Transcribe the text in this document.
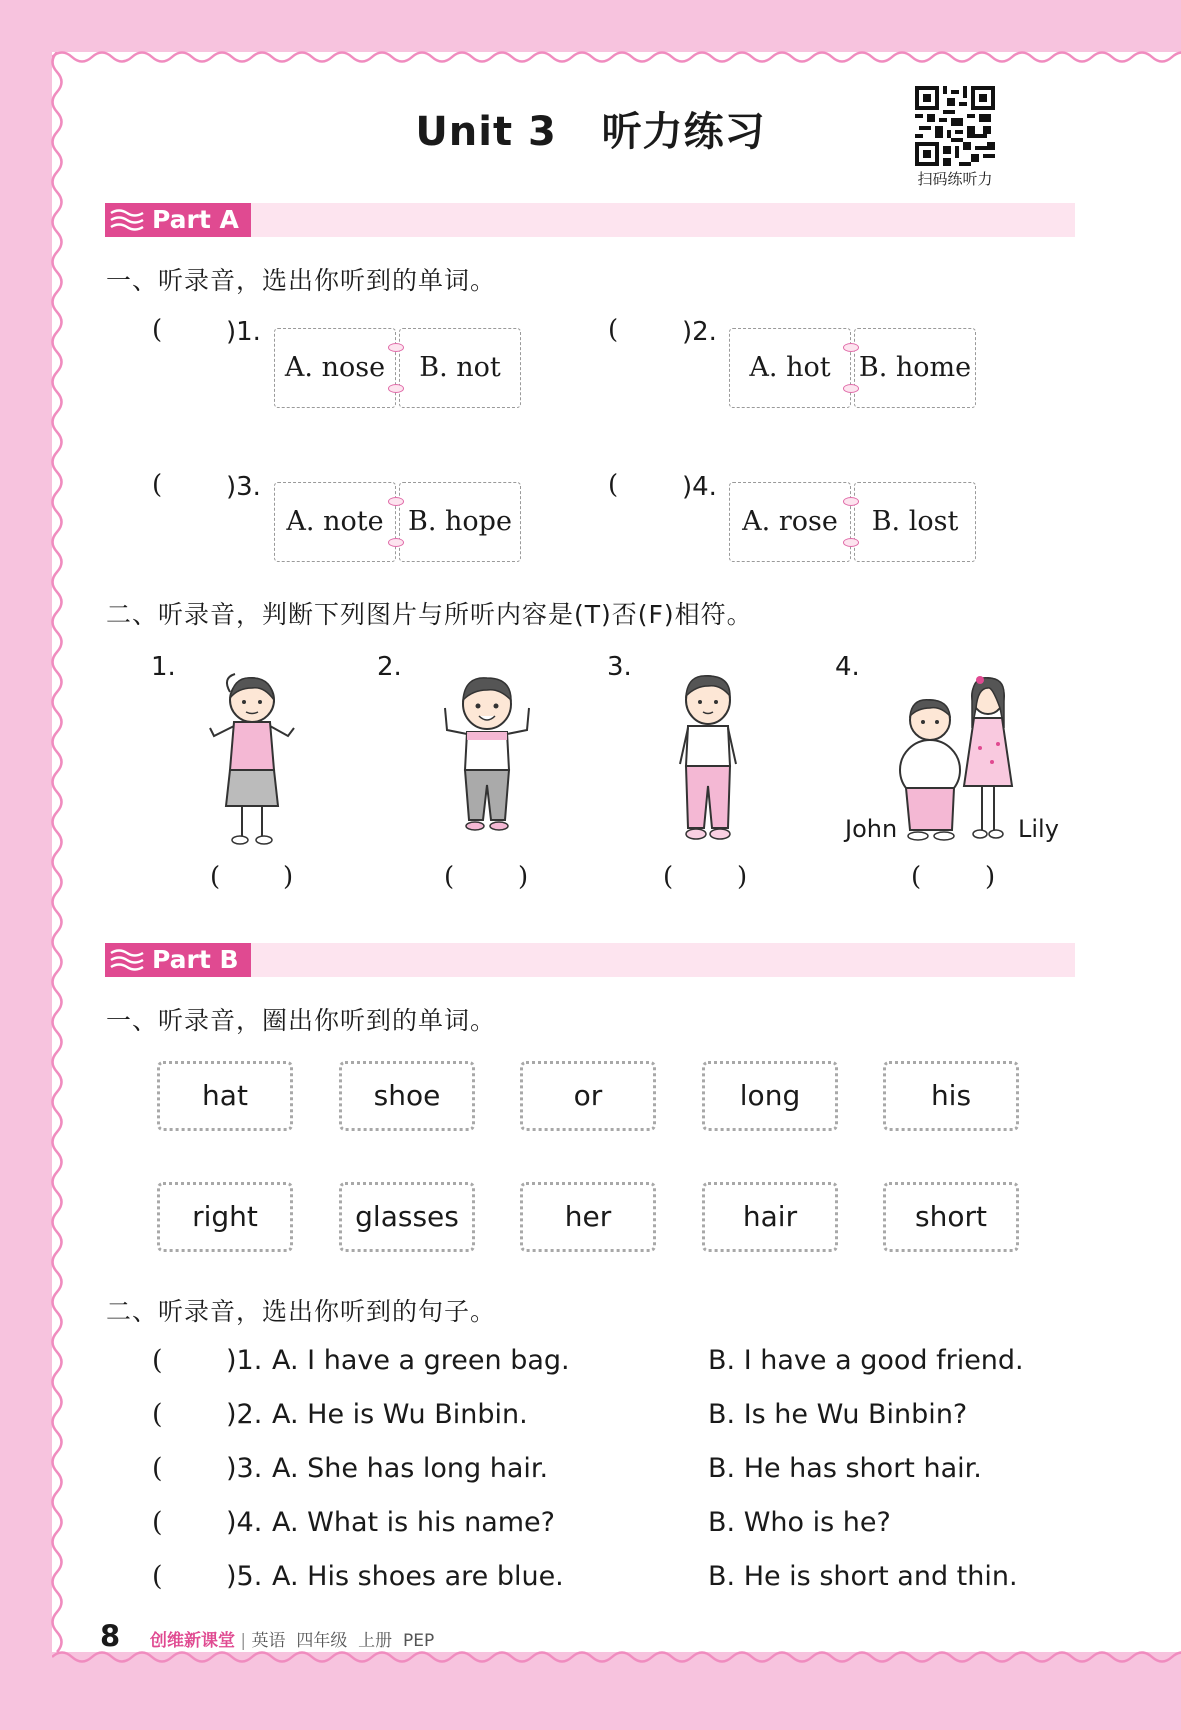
Unit 3   听力练习
扫码练听力
Part A
一、听录音，选出你听到的单词。
( )1.
A. nose	B. not
( )2.
A. hot	B. home
( )3.
A. note B. hope
( )4.
A. rose	B. lost
二、听录音，判断下列图片与所听内容是(T)否(F)相符。
1.
( )
2.
( )
3.
( )
4.
John	Lily
( )
Part B
一、听录音，圈出你听到的单词。
hat	shoe	or	long	his
right	glasses	her	hair	short
二、听录音，选出你听到的句子。
( )1. A. I have a green bag.	B. I have a good friend.
( )2. A. He is Wu Binbin.	B. Is he Wu Binbin?
( )3. A. She has long hair.	B. He has short hair.
( )4. A. What is his name?	B. Who is he?
( )5. A. His shoes are blue.	B. He is short and thin.
8 创维新课堂 | 英语  四年级  上册  PEP
